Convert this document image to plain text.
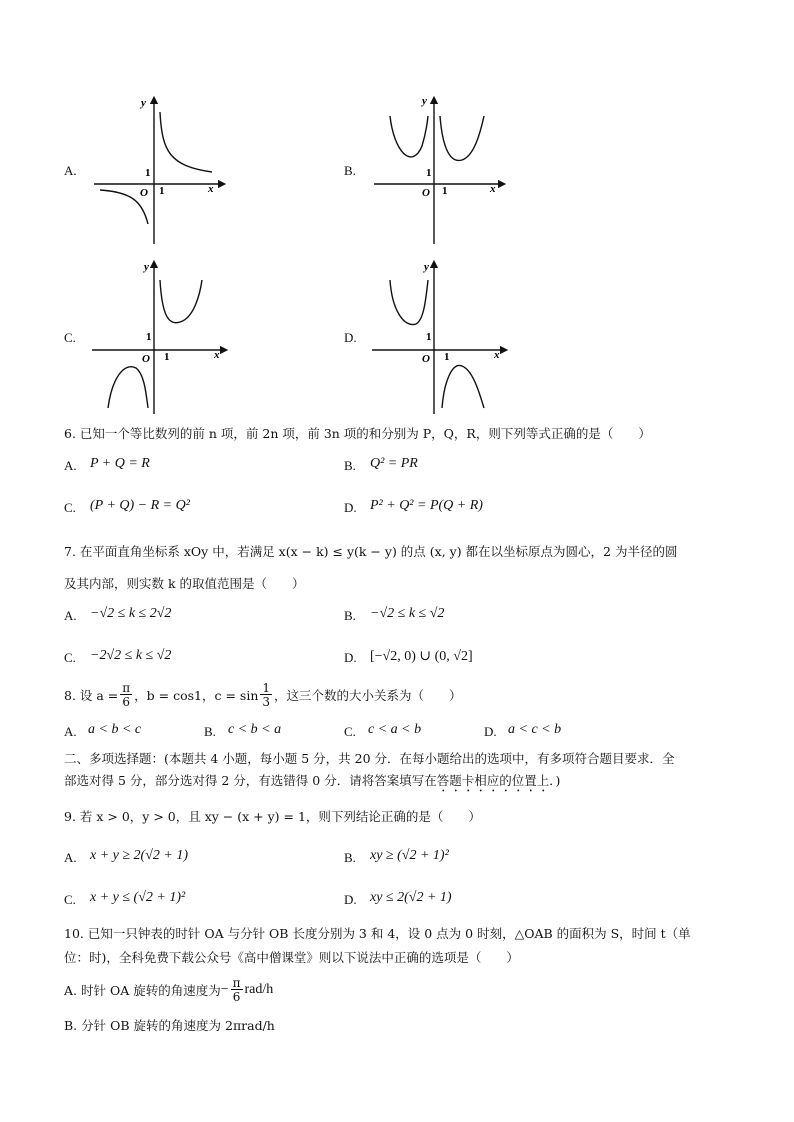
A.	B.
C.	D.
y
x
O
1
1
y
x
O
1
1
y
x
O
1
1
y
x
O
1
1
6. 已知一个等比数列的前 n 项，前 2n 项，前 3n 项的和分别为 P，Q，R，则下列等式正确的是（　　）
A. P + Q = R	B. Q² = PR
C. (P + Q) − R = Q²	D. P² + Q² = P(Q + R)
7. 在平面直角坐标系 xOy 中，若满足 x(x − k) ≤ y(k − y) 的点 (x, y) 都在以坐标原点为圆心，2 为半径的圆
及其内部，则实数 k 的取值范围是（　　）
A. −√2 ≤ k ≤ 2√2	B. −√2 ≤ k ≤ √2
C. −2√2 ≤ k ≤ √2	D. [−√2, 0) ∪ (0, √2]
8. 设 $a = \frac{\pi}{6}$ ，b = cos1，$c = \sin \frac{1}{3}$ ，这三个数的大小关系为（　　）
A. a < b < c	B. c < b < a	C. c < a < b	D. a < c < b
二、多项选择题：(本题共 4 小题，每小题 5 分，共 20 分．在每小题给出的选项中，有多项符合题目要求．全
部选对得 5 分，部分选对得 2 分，有选错得 0 分．请将答案填写在答题卡相应的位置上．)
9. 若 x > 0，y > 0，且 xy − (x + y) = 1，则下列结论正确的是（　　）
A. x + y ≥ 2(√2 + 1)	B. xy ≥ (√2 + 1)²
C. x + y ≤ (√2 + 1)²	D. xy ≤ 2(√2 + 1)
10. 已知一只钟表的时针 OA 与分针 OB 长度分别为 3 和 4，设 0 点为 0 时刻，△OAB 的面积为 S，时间 t（单
位：时)，全科免费下载公众号《高中僧课堂》则以下说法中正确的选项是（　　）
A. 时针 OA 旋转的角速度为 − $\frac{\pi}{6} rad/h$
B. 分针 OB 旋转的角速度为 2πrad/h
